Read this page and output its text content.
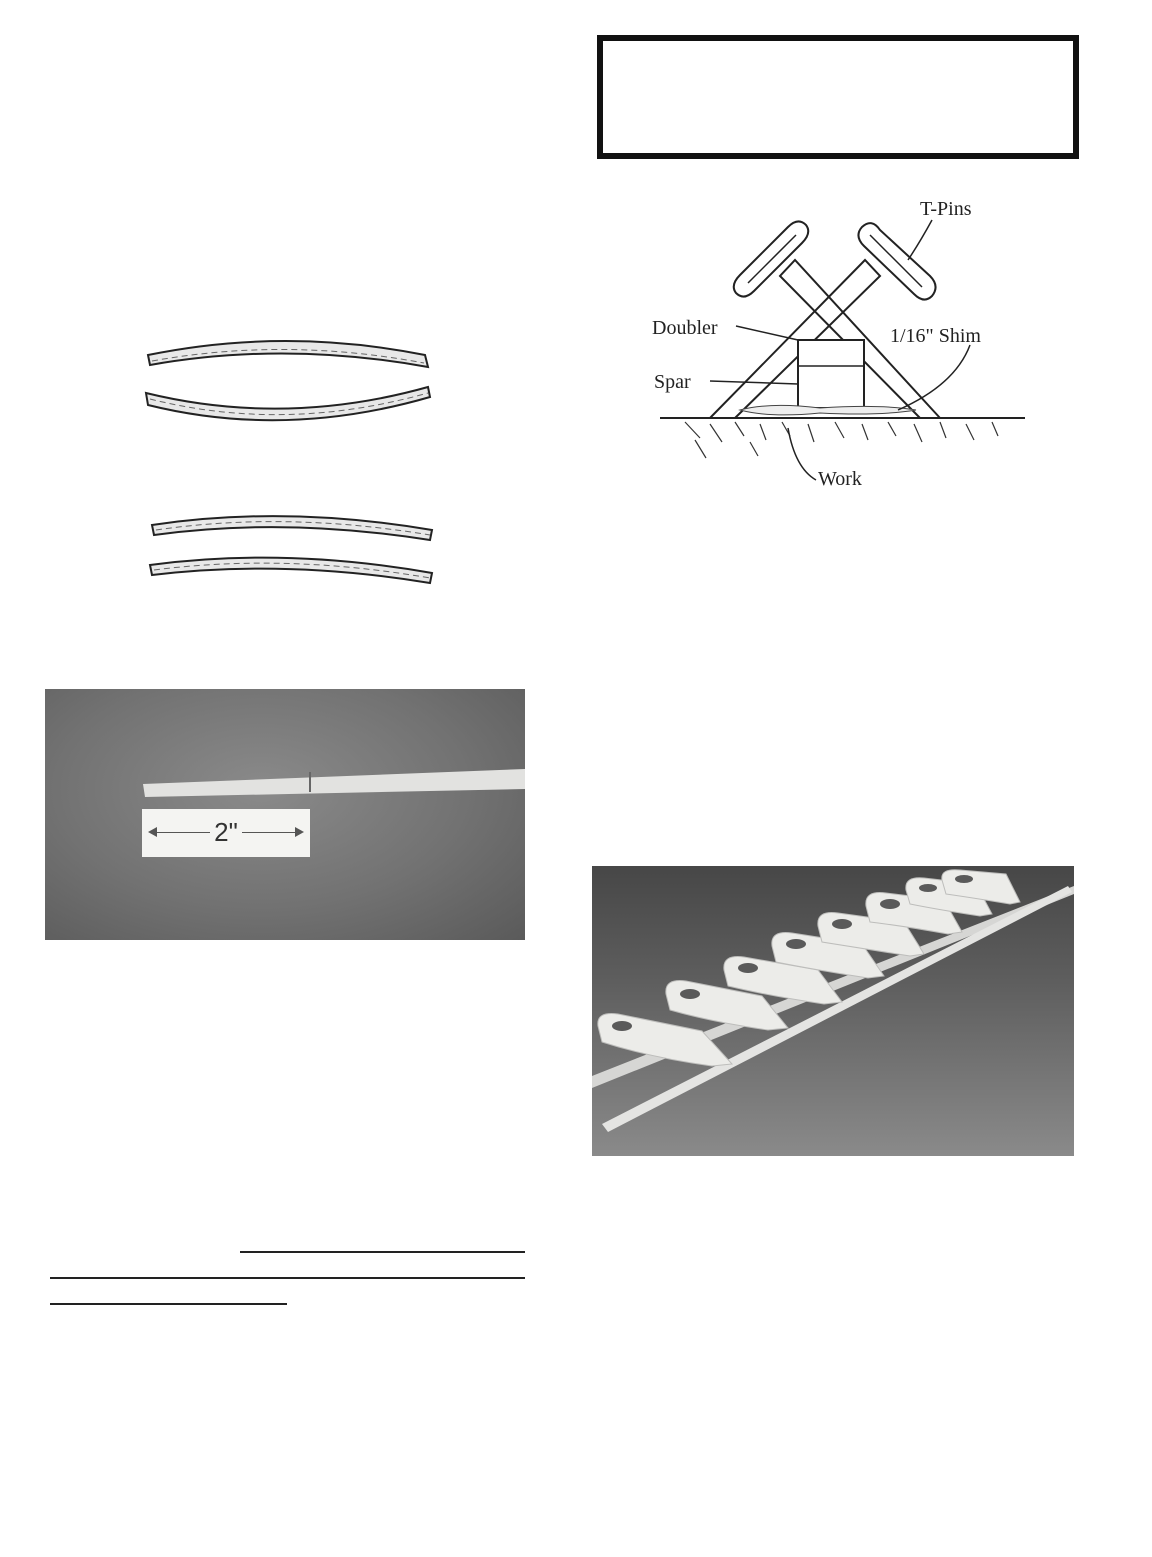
2"
T-Pins
Doubler
Spar
1/16" Shim
Work
